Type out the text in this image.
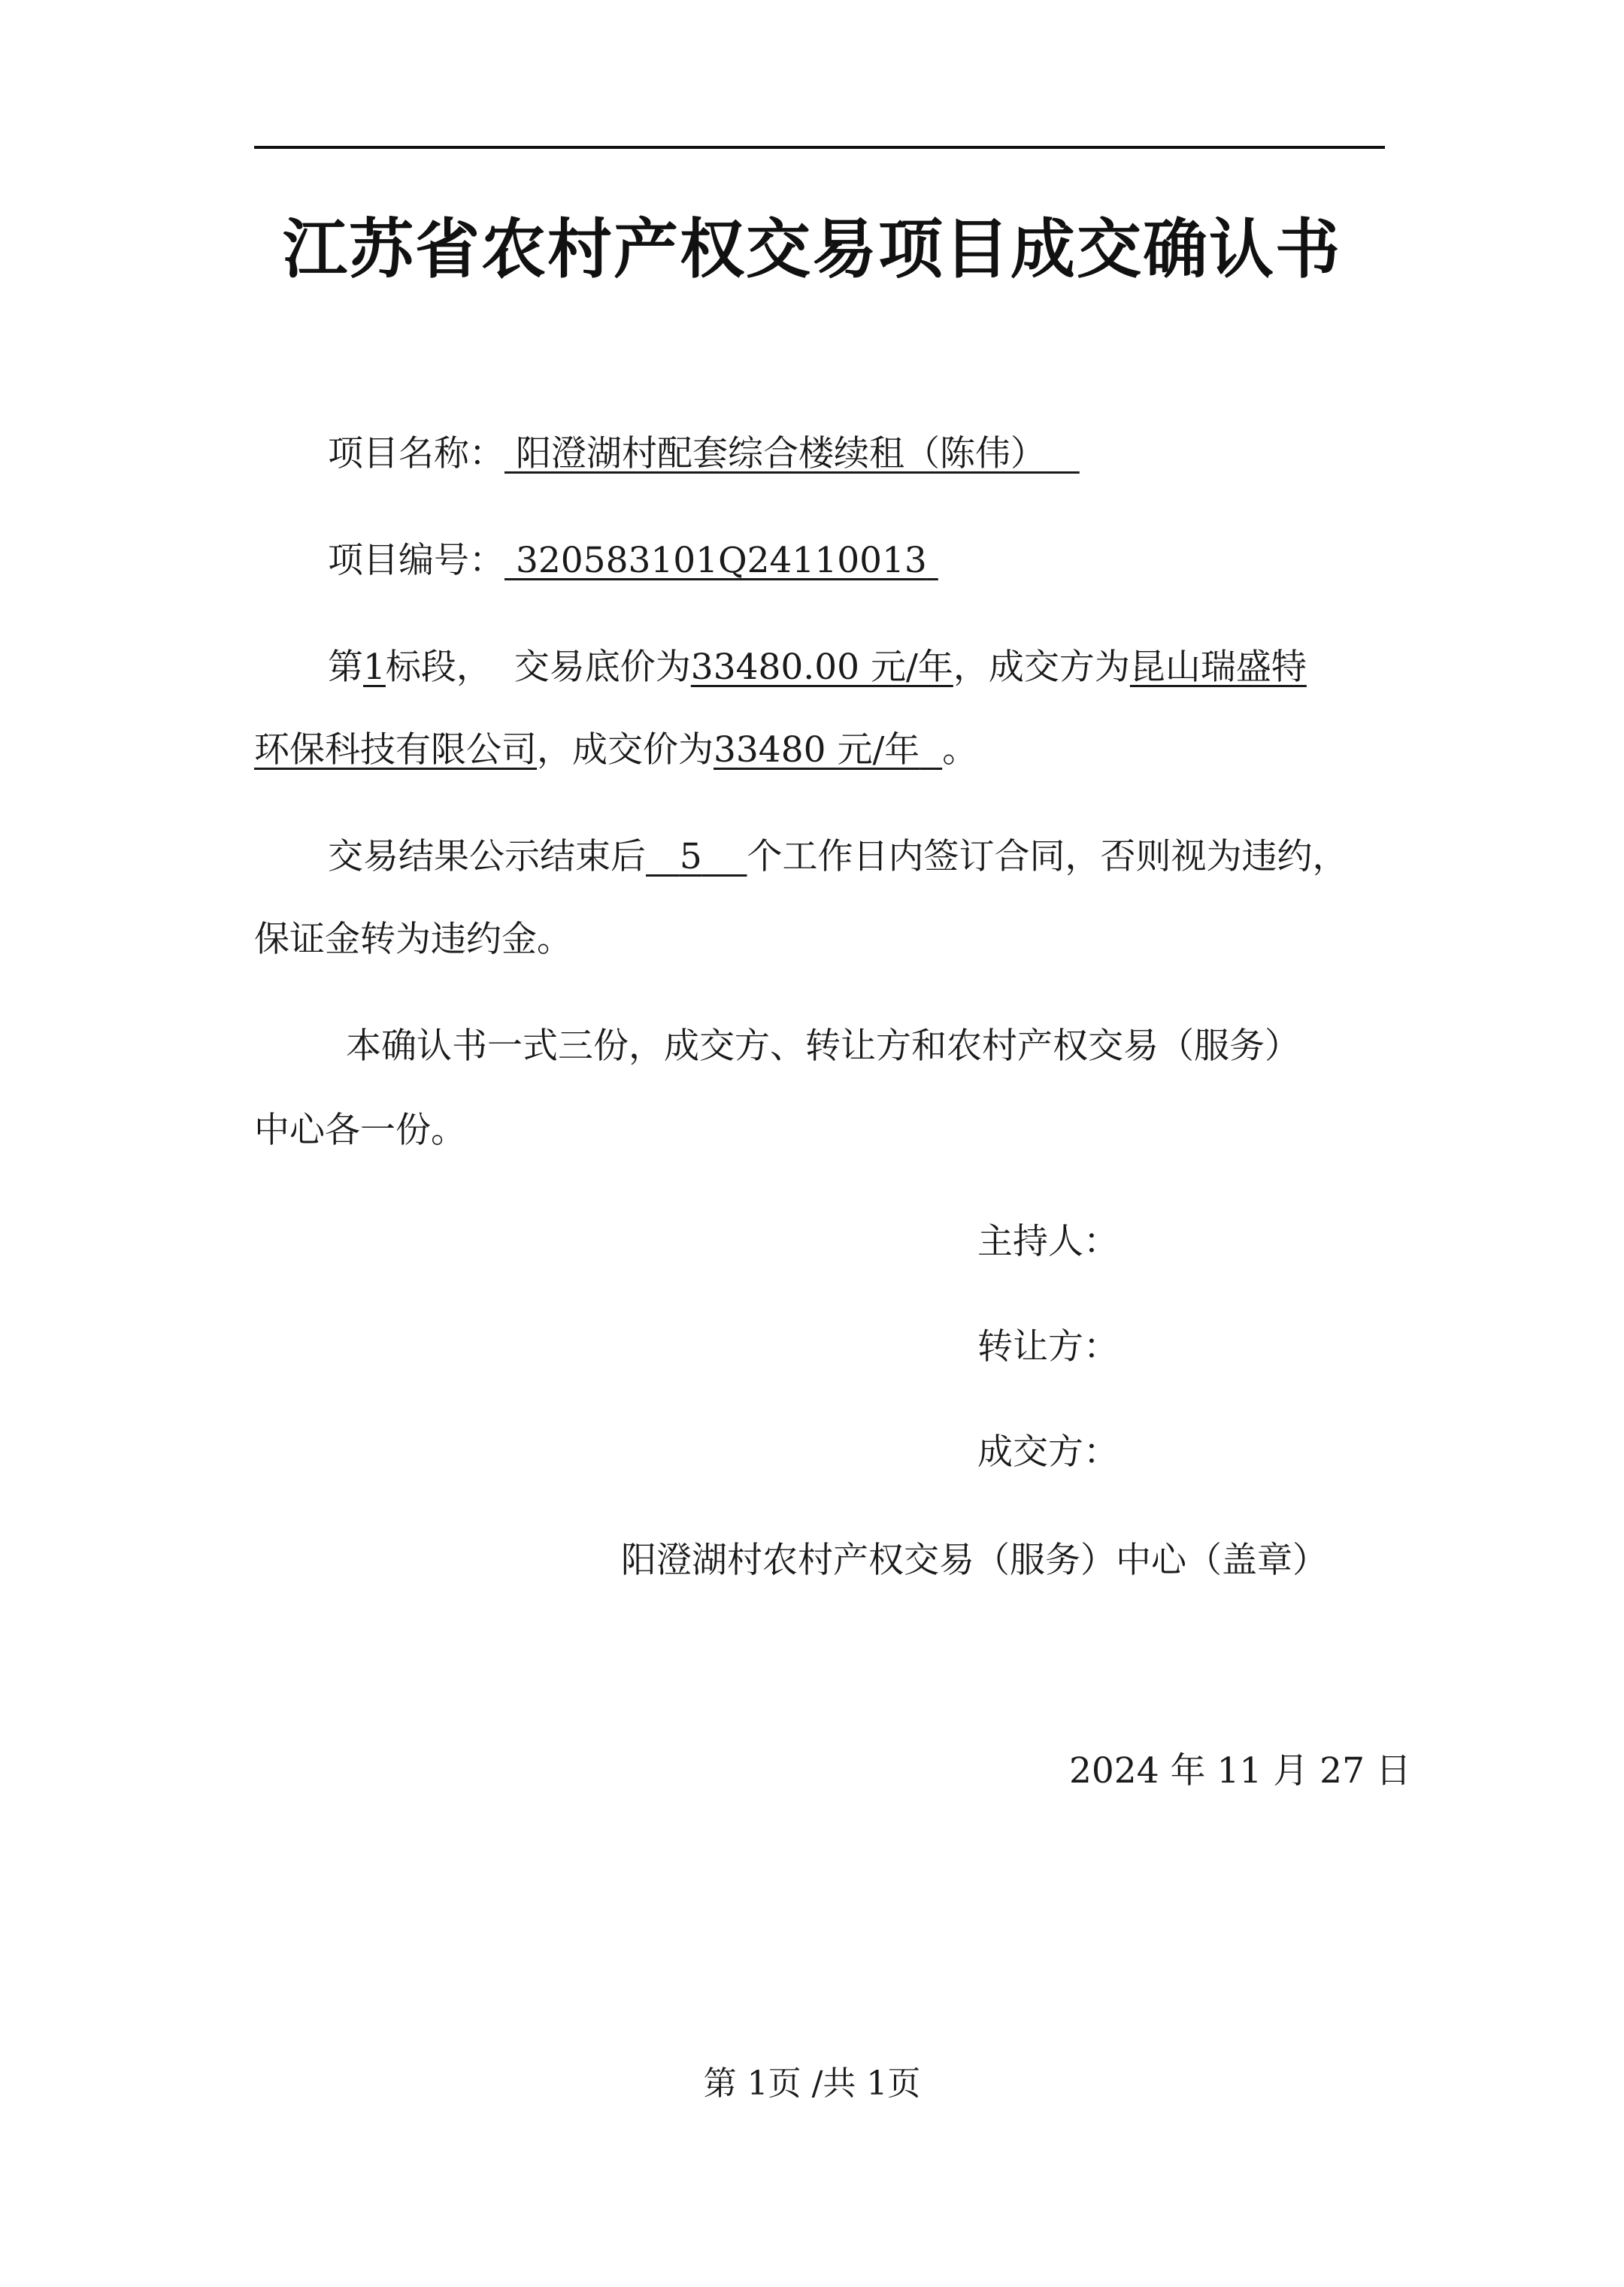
江苏省农村产权交易项目成交确认书
项目名称： 阳澄湖村配套综合楼续租（陈伟）
项目编号： 320583101Q24110013
第1标段， 交易底价为33480.00 元/年，成交方为昆山瑞盛特
环保科技有限公司，成交价为33480 元/年 。
交易结果公示结束后 5 个工作日内签订合同，否则视为违约，
保证金转为违约金。
本确认书一式三份，成交方、转让方和农村产权交易（服务）
中心各一份。
主持人：
转让方：
成交方：
阳澄湖村农村产权交易（服务）中心（盖章）
2024 年 11 月 27 日
第 1页 /共 1页
